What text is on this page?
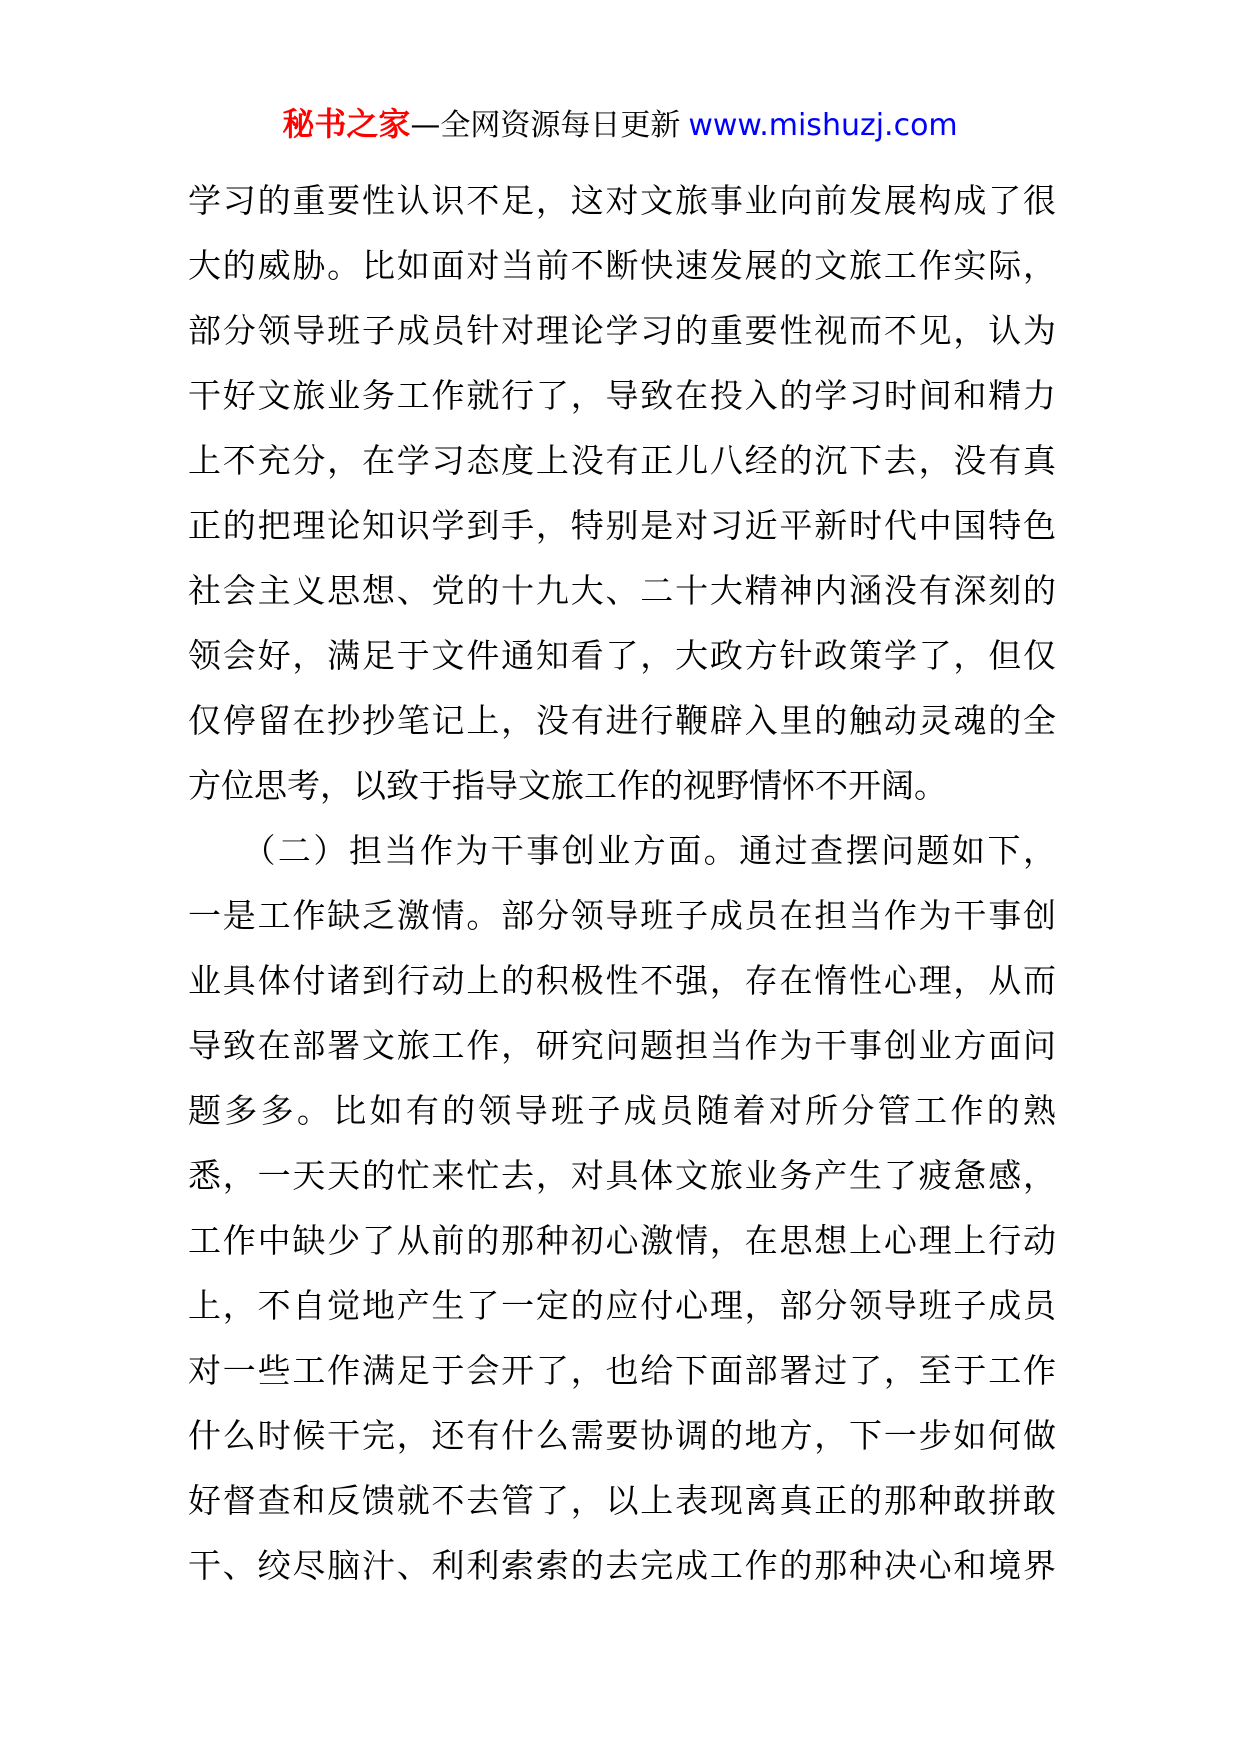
秘书之家—全网资源每日更新 www.mishuzj.com
学习的重要性认识不足，这对文旅事业向前发展构成了很
大的威胁。比如面对当前不断快速发展的文旅工作实际，
部分领导班子成员针对理论学习的重要性视而不见，认为
干好文旅业务工作就行了，导致在投入的学习时间和精力
上不充分，在学习态度上没有正儿八经的沉下去，没有真
正的把理论知识学到手，特别是对习近平新时代中国特色
社会主义思想、党的十九大、二十大精神内涵没有深刻的
领会好，满足于文件通知看了，大政方针政策学了，但仅
仅停留在抄抄笔记上，没有进行鞭辟入里的触动灵魂的全
方位思考，以致于指导文旅工作的视野情怀不开阔。
　　（二）担当作为干事创业方面。通过查摆问题如下，
一是工作缺乏激情。部分领导班子成员在担当作为干事创
业具体付诸到行动上的积极性不强，存在惰性心理，从而
导致在部署文旅工作，研究问题担当作为干事创业方面问
题多多。比如有的领导班子成员随着对所分管工作的熟
悉，一天天的忙来忙去，对具体文旅业务产生了疲惫感，
工作中缺少了从前的那种初心激情，在思想上心理上行动
上，不自觉地产生了一定的应付心理，部分领导班子成员
对一些工作满足于会开了，也给下面部署过了，至于工作
什么时候干完，还有什么需要协调的地方，下一步如何做
好督查和反馈就不去管了，以上表现离真正的那种敢拼敢
干、绞尽脑汁、利利索索的去完成工作的那种决心和境界
